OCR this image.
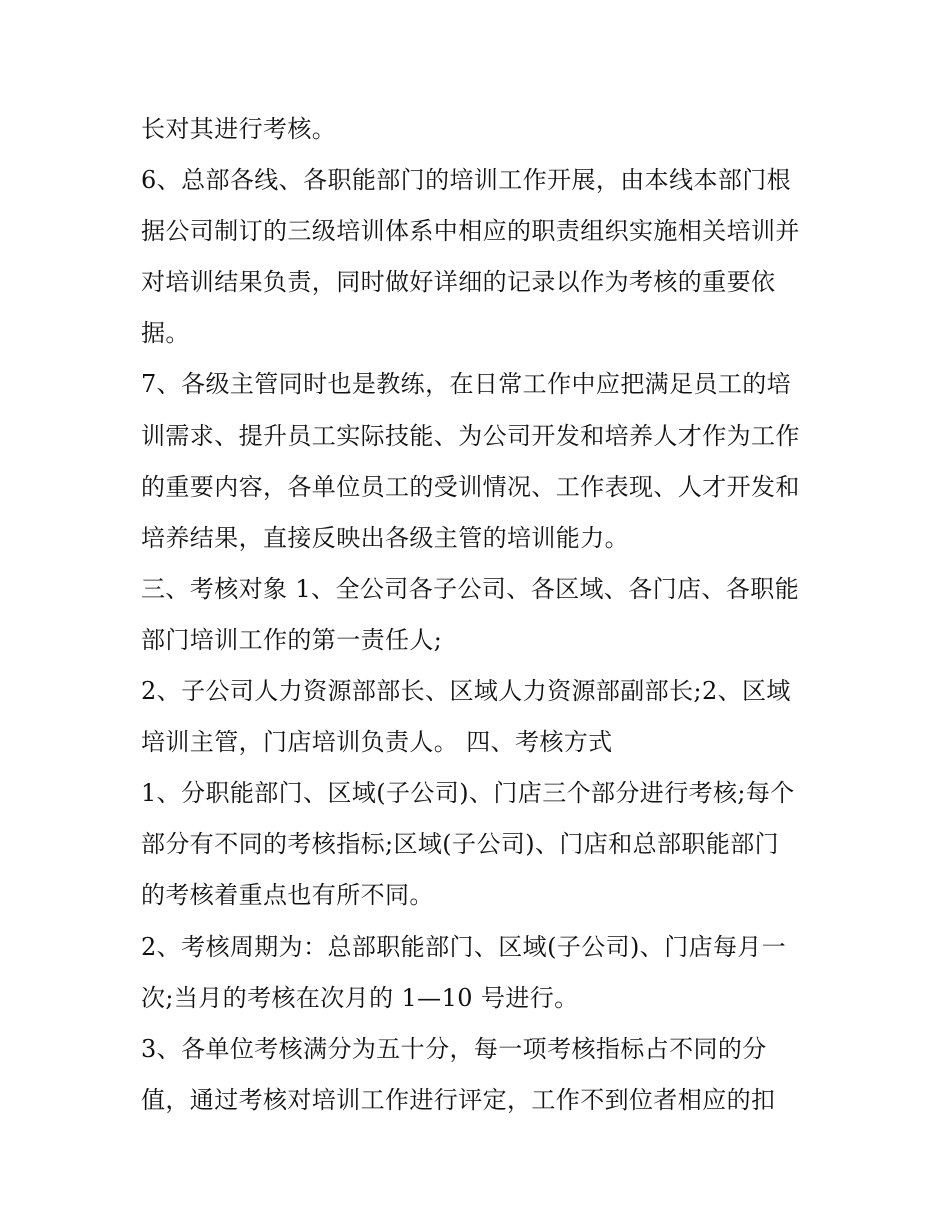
长对其进行考核。
6、总部各线、各职能部门的培训工作开展，由本线本部门根
据公司制订的三级培训体系中相应的职责组织实施相关培训并
对培训结果负责，同时做好详细的记录以作为考核的重要依
据。
7、各级主管同时也是教练，在日常工作中应把满足员工的培
训需求、提升员工实际技能、为公司开发和培养人才作为工作
的重要内容，各单位员工的受训情况、工作表现、人才开发和
培养结果，直接反映出各级主管的培训能力。
三、考核对象 1、全公司各子公司、各区域、各门店、各职能
部门培训工作的第一责任人;
2、子公司人力资源部部长、区域人力资源部副部长;2、区域
培训主管，门店培训负责人。 四、考核方式
1、分职能部门、区域(子公司)、门店三个部分进行考核;每个
部分有不同的考核指标;区域(子公司)、门店和总部职能部门
的考核着重点也有所不同。
2、考核周期为：总部职能部门、区域(子公司)、门店每月一
次;当月的考核在次月的 1—10 号进行。
3、各单位考核满分为五十分，每一项考核指标占不同的分
值，通过考核对培训工作进行评定，工作不到位者相应的扣
